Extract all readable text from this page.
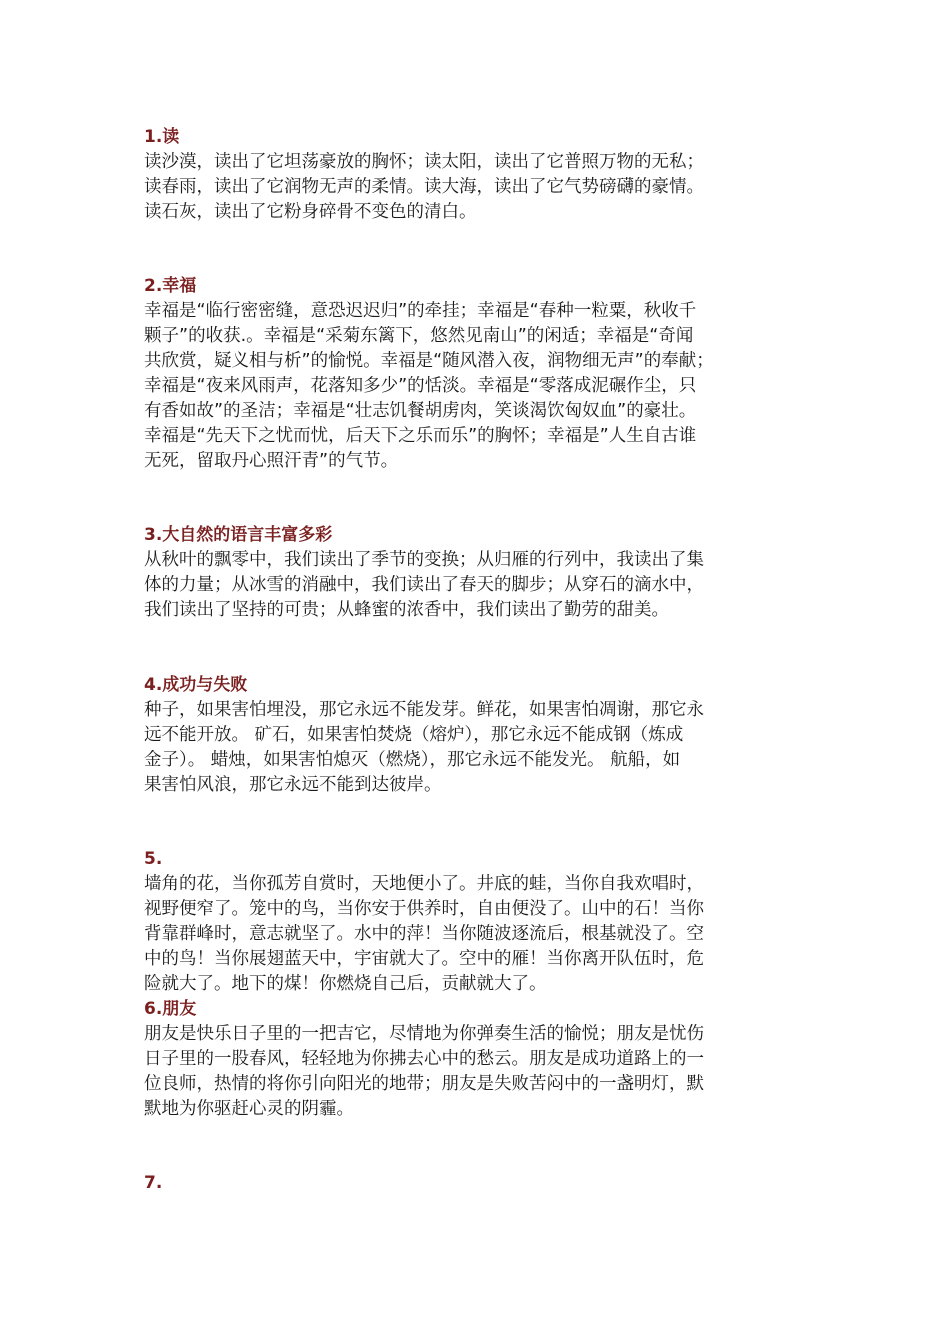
1.读
读沙漠，读出了它坦荡豪放的胸怀；读太阳，读出了它普照万物的无私；
读春雨，读出了它润物无声的柔情。读大海，读出了它气势磅礴的豪情。
读石灰，读出了它粉身碎骨不变色的清白。
2.幸福
幸福是“临行密密缝，意恐迟迟归”的牵挂；幸福是“春种一粒粟，秋收千
颗子”的收获.。幸福是“采菊东篱下，悠然见南山”的闲适；幸福是“奇闻
共欣赏，疑义相与析”的愉悦。幸福是“随风潜入夜，润物细无声”的奉献；
幸福是“夜来风雨声，花落知多少”的恬淡。幸福是“零落成泥碾作尘，只
有香如故”的圣洁；幸福是“壮志饥餐胡虏肉，笑谈渴饮匈奴血”的豪壮。
幸福是“先天下之忧而忧，后天下之乐而乐”的胸怀；幸福是”人生自古谁
无死，留取丹心照汗青”的气节。
3.大自然的语言丰富多彩
从秋叶的飘零中，我们读出了季节的变换；从归雁的行列中，我读出了集
体的力量；从冰雪的消融中，我们读出了春天的脚步；从穿石的滴水中，
我们读出了坚持的可贵；从蜂蜜的浓香中，我们读出了勤劳的甜美。
4.成功与失败
种子，如果害怕埋没，那它永远不能发芽。鲜花，如果害怕凋谢，那它永
远不能开放。 矿石，如果害怕焚烧（熔炉），那它永远不能成钢（炼成
金子）。 蜡烛，如果害怕熄灭（燃烧），那它永远不能发光。 航船，如
果害怕风浪，那它永远不能到达彼岸。
5.
墙角的花，当你孤芳自赏时，天地便小了。井底的蛙，当你自我欢唱时，
视野便窄了。笼中的鸟，当你安于供养时，自由便没了。山中的石！当你
背靠群峰时，意志就坚了。水中的萍！当你随波逐流后，根基就没了。空
中的鸟！当你展翅蓝天中，宇宙就大了。空中的雁！当你离开队伍时，危
险就大了。地下的煤！你燃烧自己后，贡献就大了。
6.朋友
朋友是快乐日子里的一把吉它，尽情地为你弹奏生活的愉悦；朋友是忧伤
日子里的一股春风，轻轻地为你拂去心中的愁云。朋友是成功道路上的一
位良师，热情的将你引向阳光的地带；朋友是失败苦闷中的一盏明灯，默
默地为你驱赶心灵的阴霾。
7.
